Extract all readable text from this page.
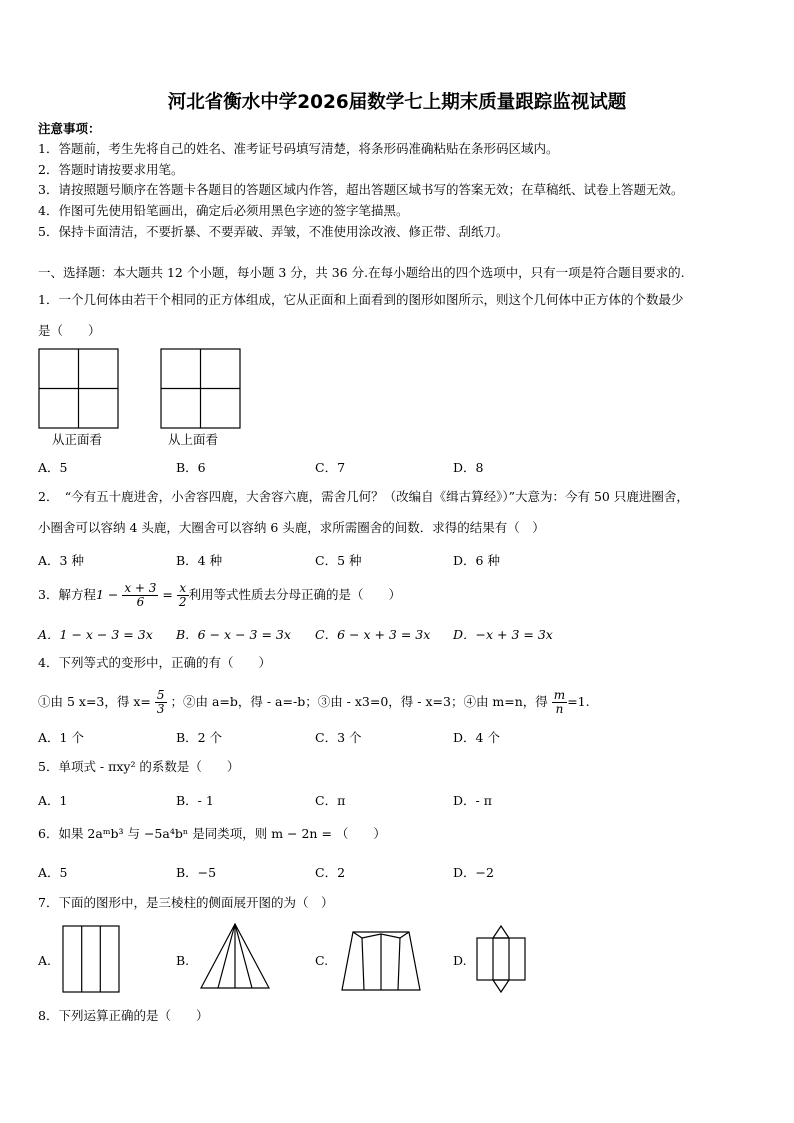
河北省衡水中学2026届数学七上期末质量跟踪监视试题
注意事项：
1．答题前，考生先将自己的姓名、准考证号码填写清楚，将条形码准确粘贴在条形码区域内。
2．答题时请按要求用笔。
3．请按照题号顺序在答题卡各题目的答题区域内作答，超出答题区域书写的答案无效；在草稿纸、试卷上答题无效。
4．作图可先使用铅笔画出，确定后必须用黑色字迹的签字笔描黑。
5．保持卡面清洁，不要折暴、不要弄破、弄皱，不准使用涂改液、修正带、刮纸刀。
一、选择题：本大题共 12 个小题，每小题 3 分，共 36 分.在每小题给出的四个选项中，只有一项是符合题目要求的.
1．一个几何体由若干个相同的正方体组成，它从正面和上面看到的图形如图所示，则这个几何体中正方体的个数最少
是（　　）
从正面看	从上面看
A．5	B．6	C．7	D．8
2．　“今有五十鹿进舍，小舍容四鹿，大舍容六鹿，需舍几何？（改编自《缉古算经》）”大意为：今有 50 只鹿进圈舍，
小圈舍可以容纳 4 头鹿，大圈舍可以容纳 6 头鹿，求所需圈舍的间数．求得的结果有（　）
A．3 种	B．4 种	C．5 种	D．6 种
3．解方程$1 - \frac{x + 3}{6} = \frac{x}{2}$ 利用等式性质去分母正确的是（　　）
A．1 − x − 3 = 3x B．6 − x − 3 = 3x C．6 − x + 3 = 3x D．−x + 3 = 3x
4．下列等式的变形中，正确的有（　　）
①由 5 x=3，得 $x= \frac{5}{3}$ ；②由 a=b，得 - a=-b；③由 - x3=0，得 - x=3；④由 m=n，得 $\frac{m}{n} =1$.
A．1 个	B．2 个	C．3 个	D．4 个
5．单项式 - πxy² 的系数是（　　）
A．1	B．- 1	C．π	D．- π
6．如果 2aᵐb³ 与 −5a⁴bⁿ 是同类项，则 m − 2n = （　　）
A．5	B．−5	C．2	D．−2
7．下面的图形中，是三棱柱的侧面展开图的为（　）
A.	B.	C.	D.
8．下列运算正确的是（　　）
